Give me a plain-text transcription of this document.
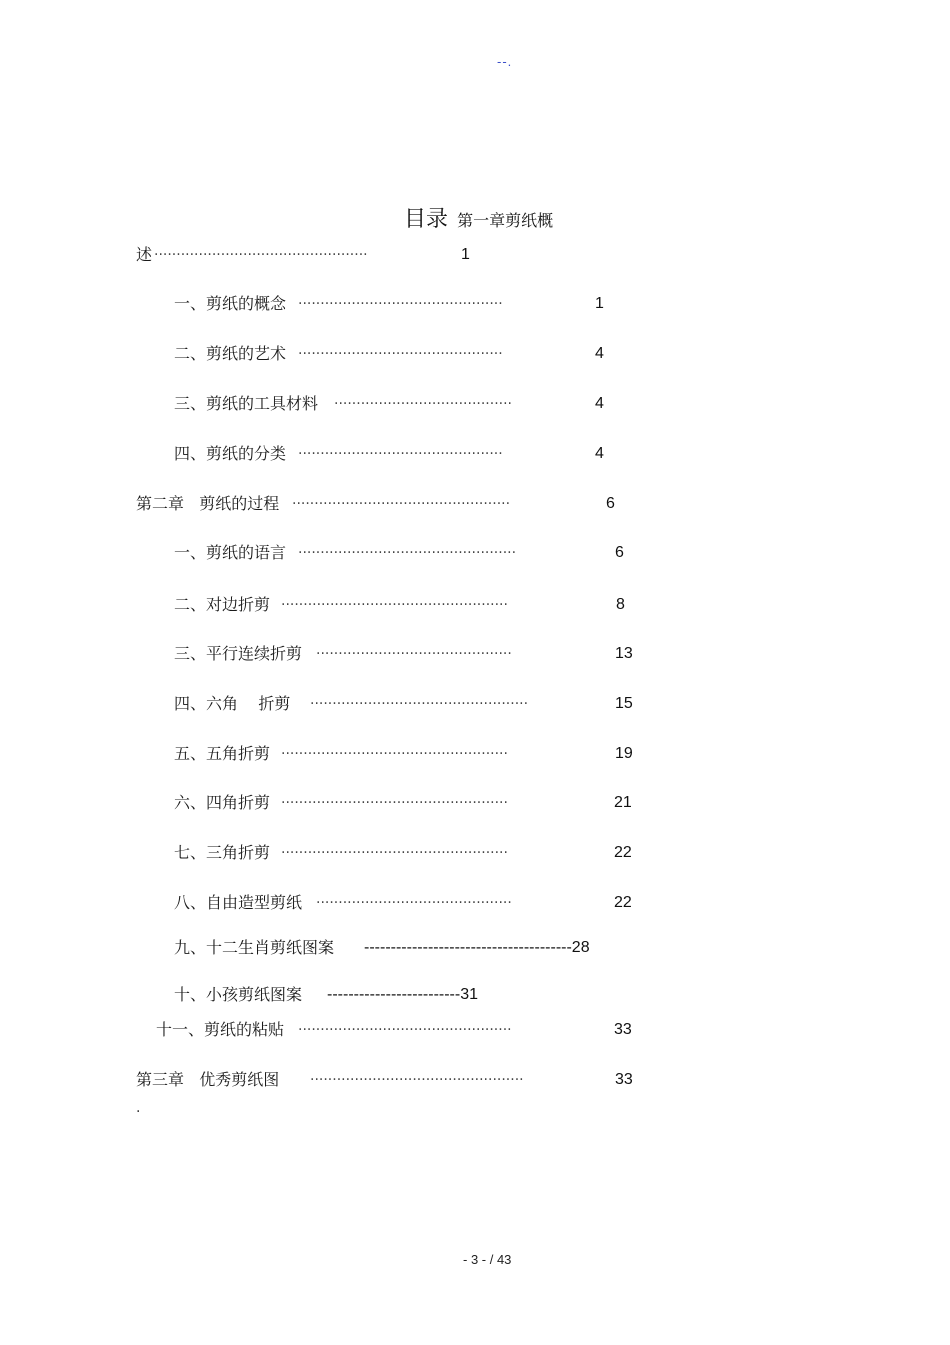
--.
目录 第一章剪纸概
述 ················································	1
一、剪纸的概念 ··············································	1
二、剪纸的艺术 ··············································	4
三、剪纸的工具材料 ········································	4
四、剪纸的分类 ··············································	4
第二章   剪纸的过程 ·················································	6
一、剪纸的语言 ·················································	6
二、对边折剪 ···················································	8
三、平行连续折剪 ············································	13
四、六角    折剪 ·················································	15
五、五角折剪 ···················································	19
六、四角折剪 ···················································	21
七、三角折剪 ···················································	22
八、自由造型剪纸 ············································	22
九、十二生肖剪纸图案 ---------------------------------------28
十、小孩剪纸图案 -------------------------31
十一、剪纸的粘贴 ················································	33
第三章   优秀剪纸图 ················································	33
.
- 3 - / 43
